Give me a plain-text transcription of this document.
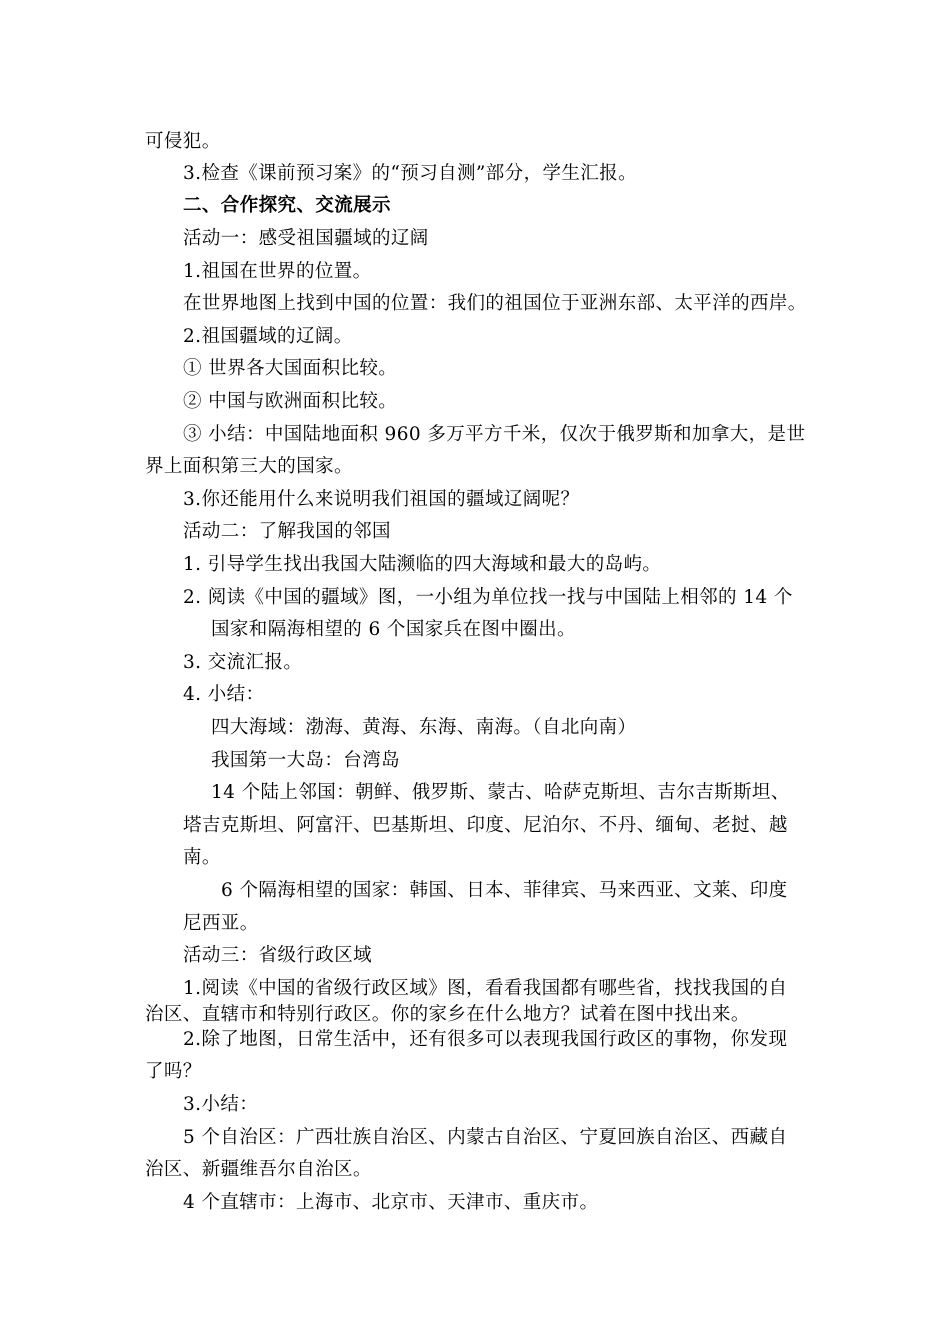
可侵犯。
3.检查《课前预习案》的“预习自测”部分，学生汇报。
二、合作探究、交流展示
活动一：感受祖国疆域的辽阔
1.祖国在世界的位置。
在世界地图上找到中国的位置：我们的祖国位于亚洲东部、太平洋的西岸。
2.祖国疆域的辽阔。
① 世界各大国面积比较。
② 中国与欧洲面积比较。
③ 小结：中国陆地面积 960 多万平方千米，仅次于俄罗斯和加拿大，是世
界上面积第三大的国家。
3.你还能用什么来说明我们祖国的疆域辽阔呢？
活动二：了解我国的邻国
1. 引导学生找出我国大陆濒临的四大海域和最大的岛屿。
2. 阅读《中国的疆域》图，一小组为单位找一找与中国陆上相邻的 14 个
国家和隔海相望的 6 个国家兵在图中圈出。
3. 交流汇报。
4. 小结：
四大海域：渤海、黄海、东海、南海。（自北向南）
我国第一大岛：台湾岛
14 个陆上邻国：朝鲜、俄罗斯、蒙古、哈萨克斯坦、吉尔吉斯斯坦、
塔吉克斯坦、阿富汗、巴基斯坦、印度、尼泊尔、不丹、缅甸、老挝、越
南。
6 个隔海相望的国家：韩国、日本、菲律宾、马来西亚、文莱、印度
尼西亚。
活动三：省级行政区域
1.阅读《中国的省级行政区域》图，看看我国都有哪些省，找找我国的自
治区、直辖市和特别行政区。你的家乡在什么地方？试着在图中找出来。
2.除了地图，日常生活中，还有很多可以表现我国行政区的事物，你发现
了吗？
3.小结：
5 个自治区：广西壮族自治区、内蒙古自治区、宁夏回族自治区、西藏自
治区、新疆维吾尔自治区。
4 个直辖市：上海市、北京市、天津市、重庆市。
